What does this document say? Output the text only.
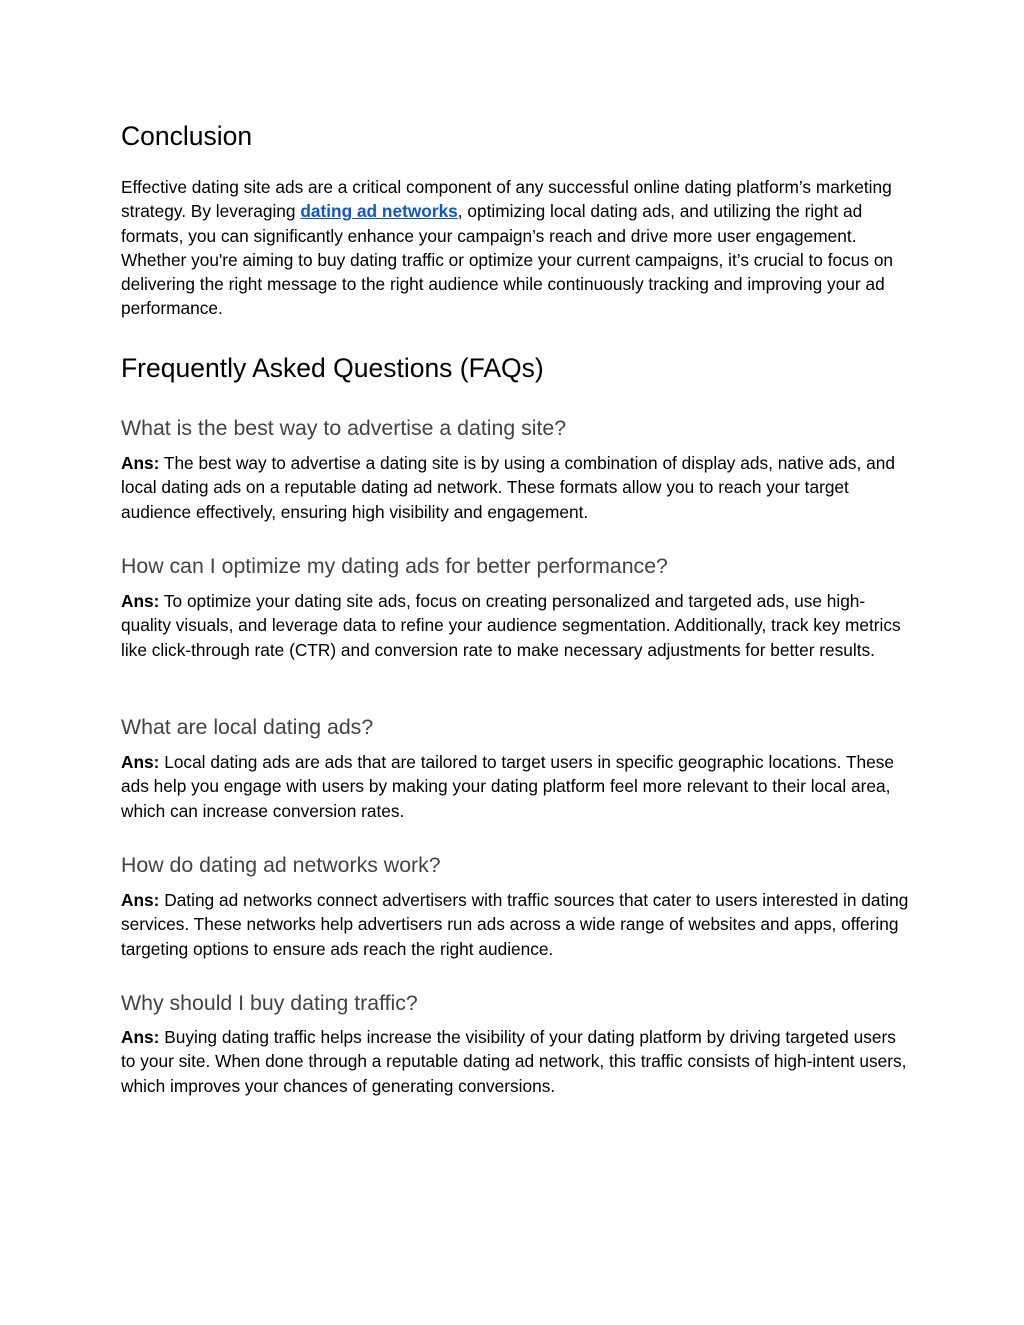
Conclusion

Effective dating site ads are a critical component of any successful online dating platform’s marketing strategy. By leveraging dating ad networks, optimizing local dating ads, and utilizing the right ad formats, you can significantly enhance your campaign’s reach and drive more user engagement. Whether you're aiming to buy dating traffic or optimize your current campaigns, it’s crucial to focus on delivering the right message to the right audience while continuously tracking and improving your ad performance.

Frequently Asked Questions (FAQs)
What is the best way to advertise a dating site?

Ans: The best way to advertise a dating site is by using a combination of display ads, native ads, and local dating ads on a reputable dating ad network. These formats allow you to reach your target audience effectively, ensuring high visibility and engagement.

How can I optimize my dating ads for better performance?

Ans: To optimize your dating site ads, focus on creating personalized and targeted ads, use high-quality visuals, and leverage data to refine your audience segmentation. Additionally, track key metrics like click-through rate (CTR) and conversion rate to make necessary adjustments for better results.

What are local dating ads?

Ans: Local dating ads are ads that are tailored to target users in specific geographic locations. These ads help you engage with users by making your dating platform feel more relevant to their local area, which can increase conversion rates.

How do dating ad networks work?

Ans: Dating ad networks connect advertisers with traffic sources that cater to users interested in dating services. These networks help advertisers run ads across a wide range of websites and apps, offering targeting options to ensure ads reach the right audience.

Why should I buy dating traffic?

Ans: Buying dating traffic helps increase the visibility of your dating platform by driving targeted users to your site. When done through a reputable dating ad network, this traffic consists of high-intent users, which improves your chances of generating conversions.
